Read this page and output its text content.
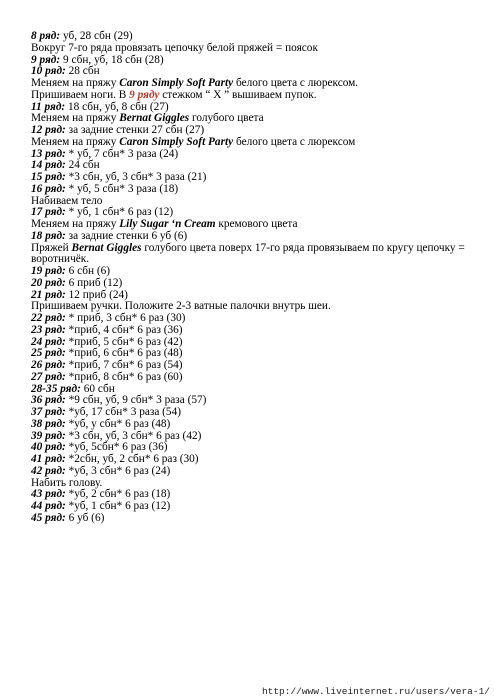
8 ряд: уб, 28 сбн (29)
Вокруг 7-го ряда провязать цепочку белой пряжей = поясок
9 ряд: 9 сбн, уб, 18 сбн (28)
10 ряд: 28 сбн
Меняем на пряжу Caron Simply Soft Party белого цвета с люрексом.
Пришиваем ноги. В 9 ряду стежком “ X ” вышиваем пупок.
11 ряд: 18 сбн, уб, 8 сбн (27)
Меняем на пряжу Bernat Giggles голубого цвета
12 ряд: за задние стенки 27 сбн (27)
Меняем на пряжу Caron Simply Soft Party белого цвета с люрексом
13 ряд: * уб, 7 сбн* 3 раза (24)
14 ряд: 24 сбн
15 ряд: *3 сбн, уб, 3 сбн* 3 раза (21)
16 ряд: * уб, 5 сбн* 3 раза (18)
Набиваем тело
17 ряд: * уб, 1 сбн* 6 раз (12)
Меняем на пряжу Lily Sugar ‘n Cream кремового цвета
18 ряд: за задние стенки 6 уб (6)
Пряжей Bernat Giggles голубого цвета поверх 17-го ряда провязываем по кругу цепочку = воротничёк.
19 ряд: 6 сбн (6)
20 ряд: 6 приб (12)
21 ряд: 12 приб (24)
Пришиваем ручки. Положите 2-3 ватные палочки внутрь шеи.
22 ряд: * приб, 3 сбн* 6 раз (30)
23 ряд: *приб, 4 сбн* 6 раз (36)
24 ряд: *приб, 5 сбн* 6 раз (42)
25 ряд: *приб, 6 сбн* 6 раз (48)
26 ряд: *приб, 7 сбн* 6 раз (54)
27 ряд: *приб, 8 сбн* 6 раз (60)
28-35 ряд: 60 сбн
36 ряд: *9 сбн, уб, 9 сбн* 3 раза (57)
37 ряд: *уб, 17 сбн* 3 раза (54)
38 ряд: *уб, у сбн* 6 раз (48)
39 ряд: *3 сбн, уб, 3 сбн* 6 раз (42)
40 ряд: *уб, 5сбн* 6 раз (36)
41 ряд: *2сбн, уб, 2 сбн* 6 раз (30)
42 ряд: *уб, 3 сбн* 6 раз (24)
Набить голову.
43 ряд: *уб, 2 сбн* 6 раз (18)
44 ряд: *уб, 1 сбн* 6 раз (12)
45 ряд: 6 уб (6)
http://www.liveinternet.ru/users/vera-1/
